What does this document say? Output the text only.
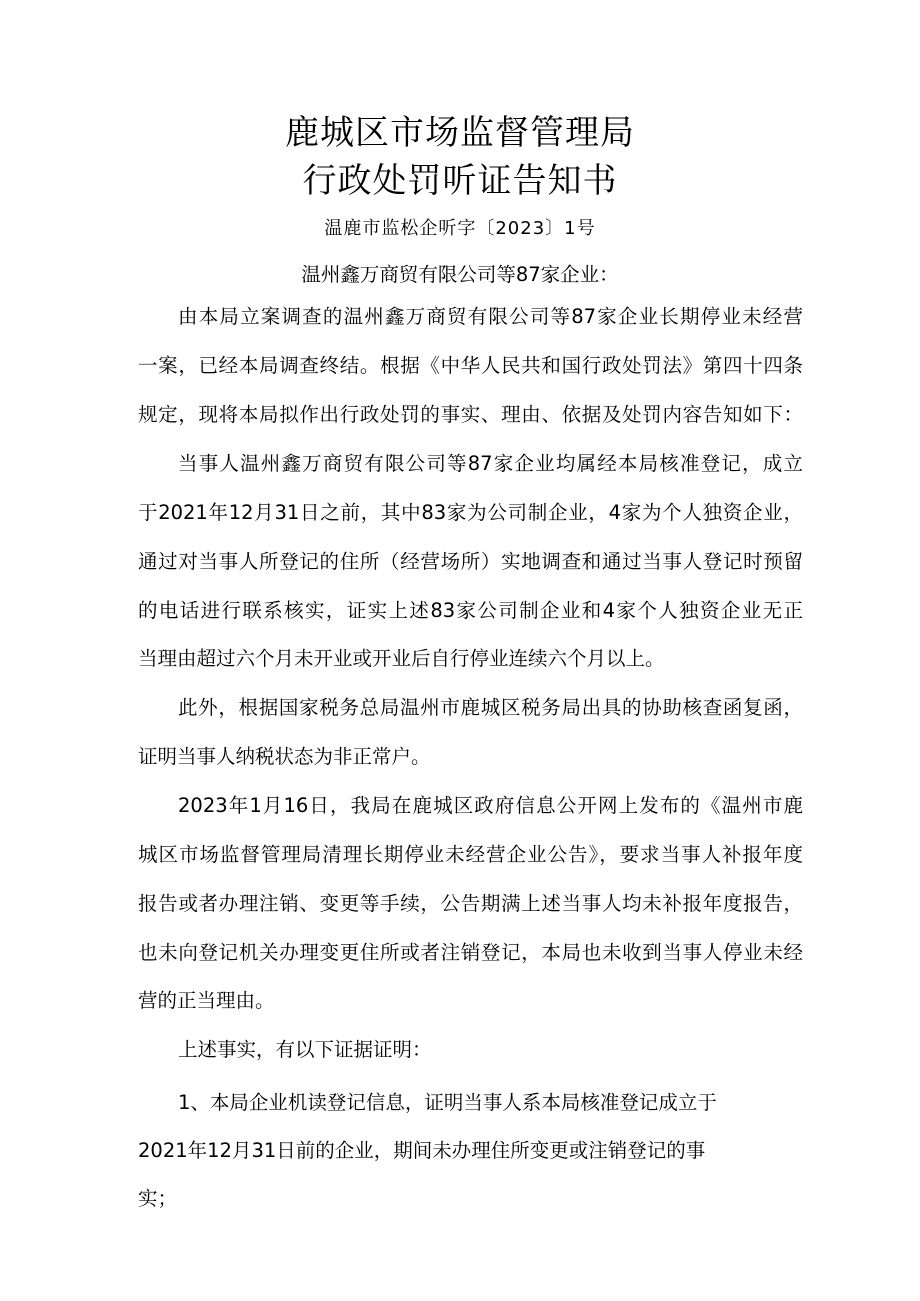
鹿城区市场监督管理局
行政处罚听证告知书
温鹿市监松企听字〔2023〕1号
温州鑫万商贸有限公司等87家企业：
由本局立案调查的温州鑫万商贸有限公司等87家企业长期停业未经营
一案，已经本局调查终结。根据《中华人民共和国行政处罚法》第四十四条
规定，现将本局拟作出行政处罚的事实、理由、依据及处罚内容告知如下：
当事人温州鑫万商贸有限公司等87家企业均属经本局核准登记，成立
于2021年12月31日之前，其中83家为公司制企业，4家为个人独资企业，
通过对当事人所登记的住所（经营场所）实地调查和通过当事人登记时预留
的电话进行联系核实，证实上述83家公司制企业和4家个人独资企业无正
当理由超过六个月未开业或开业后自行停业连续六个月以上。
此外，根据国家税务总局温州市鹿城区税务局出具的协助核查函复函，
证明当事人纳税状态为非正常户。
2023年1月16日，我局在鹿城区政府信息公开网上发布的《温州市鹿
城区市场监督管理局清理长期停业未经营企业公告》，要求当事人补报年度
报告或者办理注销、变更等手续，公告期满上述当事人均未补报年度报告，
也未向登记机关办理变更住所或者注销登记，本局也未收到当事人停业未经
营的正当理由。
上述事实，有以下证据证明：
1、本局企业机读登记信息，证明当事人系本局核准登记成立于
2021年12月31日前的企业，期间未办理住所变更或注销登记的事
实；
